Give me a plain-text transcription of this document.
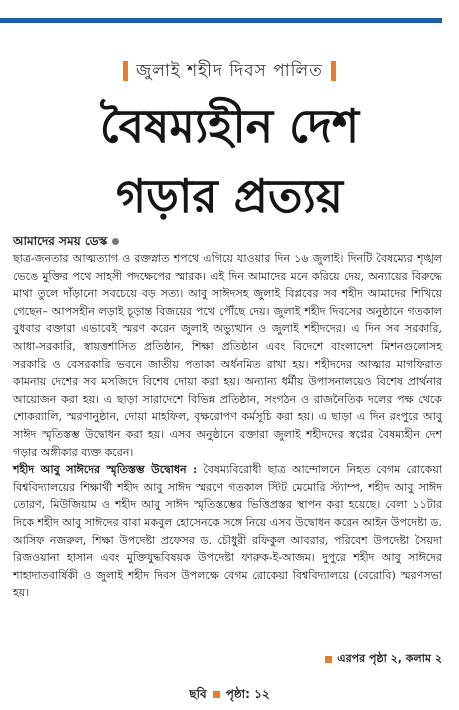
জুলাই শহীদ দিবস পালিত
বৈষম্যহীন দেশ
গড়ার প্রত্যয়
আমাদের সময় ডেস্ক

ছাত্র-জনতার আত্মত্যাগ ও রক্তস্নাত শপথে এগিয়ে যাওয়ার দিন ১৬ জুলাই। দিনটি বৈষম্যের শৃঙ্খল ভেঙে মুক্তির পথে সাহসী পদক্ষেপের স্মারক। এই দিন আমাদের মনে করিয়ে দেয়, অন্যায়ের বিরুদ্ধে মাথা তুলে দাঁড়ানো সবচেয়ে বড় সত্য। আবু সাঈদসহ জুলাই বিপ্লবের সব শহীদ আমাদের শিখিয়ে গেছেন– আপসহীন লড়াই চূড়ান্ত বিজয়ের পথে পৌঁছে দেয়। জুলাই শহীদ দিবসের অনুষ্ঠানে গতকাল বুধবার বক্তারা এভাবেই স্মরণ করেন জুলাই অভ্যুত্থান ও জুলাই শহীদদের। এ দিন সব সরকারি, আধা-সরকারি, স্বায়ত্তশাসিত প্রতিষ্ঠান, শিক্ষা প্রতিষ্ঠান এবং বিদেশে বাংলাদেশ মিশনগুলোসহ সরকারি ও বেসরকারি ভবনে জাতীয় পতাকা অর্ধনমিত রাখা হয়। শহীদদের আত্মার মাগফিরাত কামনায় দেশের সব মসজিদে বিশেষ দোয়া করা হয়। অন্যান্য ধর্মীয় উপাসনালয়েও বিশেষ প্রার্থনার আয়োজন করা হয়। এ ছাড়া সারাদেশে বিভিন্ন প্রতিষ্ঠান, সংগঠন ও রাজনৈতিক দলের পক্ষ থেকে শোকর‍্যালি, স্মরণানুষ্ঠান, দোয়া মাহফিল, বৃক্ষরোপণ কর্মসূচি করা হয়। এ ছাড়া এ দিন রংপুরে আবু সাঈদ স্মৃতিস্তম্ভ উদ্বোধন করা হয়। এসব অনুষ্ঠানে বক্তারা জুলাই শহীদদের স্বপ্নের বৈষম্যহীন দেশ গড়ার অঙ্গীকার ব্যক্ত করেন।

শহীদ আবু সাঈদের স্মৃতিস্তম্ভ উদ্বোধন : বৈষম্যবিরোধী ছাত্র আন্দোলনে নিহত বেগম রোকেয়া বিশ্ববিদ্যালয়ের শিক্ষার্থী শহীদ আবু সাঈদ স্মরণে গতকাল স্টিট মেমোরি স্ট্যাম্প, শহীদ আবু সাঈদ তোরণ, মিউজিয়াম ও শহীদ আবু সাঈদ স্মৃতিস্তম্ভের ভিত্তিপ্রস্তর স্থাপন করা হয়েছে। বেলা ১১টার দিকে শহীদ আবু সাঈদের বাবা মকবুল হোসেনকে সঙ্গে নিয়ে এসব উদ্বোধন করেন আইন উপদেষ্টা ড. আসিফ নজরুল, শিক্ষা উপদেষ্টা প্রফেসর ড. চৌধুরী রফিকুল আবরার, পরিবেশ উপদেষ্টা সৈয়দা রিজওয়ানা হাসান এবং মুক্তিযুদ্ধবিষয়ক উপদেষ্টা ফারুক-ই-আজম। দুপুরে শহীদ আবু সাঈদের শাহাদাতবার্ষিকী ও জুলাই শহীদ দিবস উপলক্ষে বেগম রোকেয়া বিশ্ববিদ্যালয়ে (বেরোবি) স্মরণসভা হয়।

এরপর পৃষ্ঠা ২, কলাম ২
ছবি পৃষ্ঠা: ১২
